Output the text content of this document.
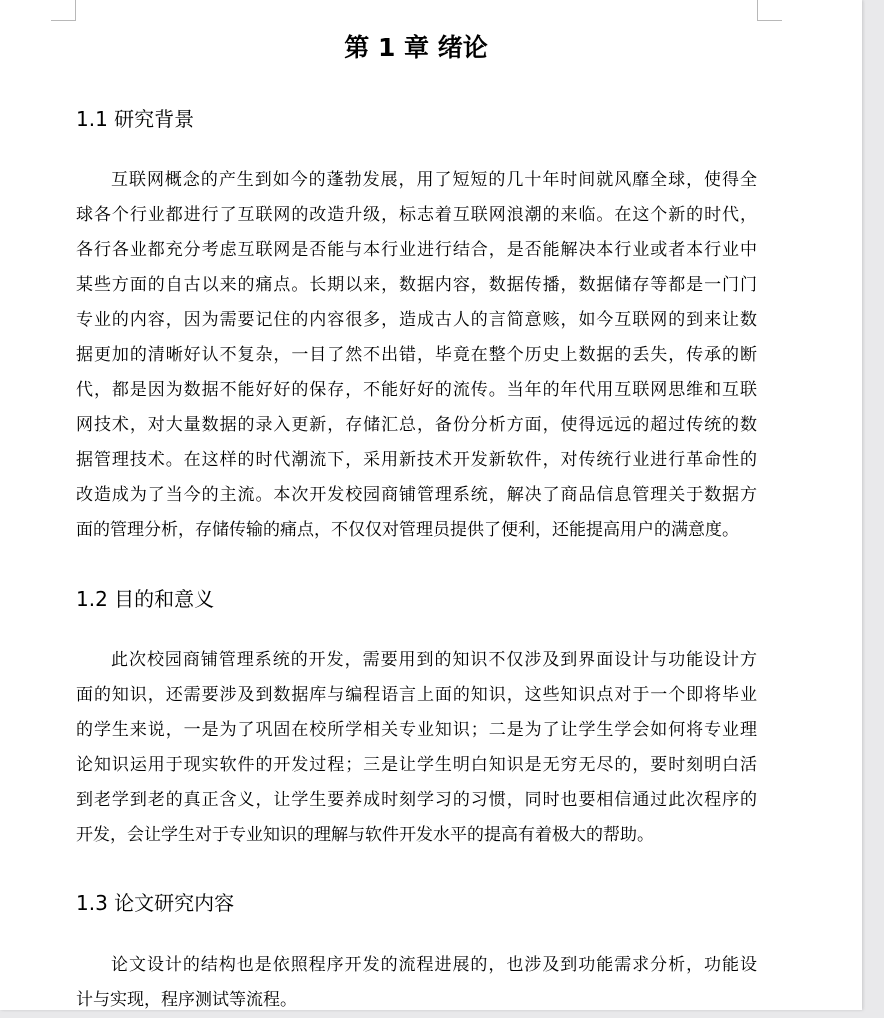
第 1 章 绪论
1.1 研究背景
互联网概念的产生到如今的蓬勃发展，用了短短的几十年时间就风靡全球，使得全
球各个行业都进行了互联网的改造升级，标志着互联网浪潮的来临。在这个新的时代，
各行各业都充分考虑互联网是否能与本行业进行结合，是否能解决本行业或者本行业中
某些方面的自古以来的痛点。长期以来，数据内容，数据传播，数据储存等都是一门门
专业的内容，因为需要记住的内容很多，造成古人的言简意赅，如今互联网的到来让数
据更加的清晰好认不复杂，一目了然不出错，毕竟在整个历史上数据的丢失，传承的断
代，都是因为数据不能好好的保存，不能好好的流传。当年的年代用互联网思维和互联
网技术，对大量数据的录入更新，存储汇总，备份分析方面，使得远远的超过传统的数
据管理技术。在这样的时代潮流下，采用新技术开发新软件，对传统行业进行革命性的
改造成为了当今的主流。本次开发校园商铺管理系统，解决了商品信息管理关于数据方
面的管理分析，存储传输的痛点，不仅仅对管理员提供了便利，还能提高用户的满意度。
1.2 目的和意义
此次校园商铺管理系统的开发，需要用到的知识不仅涉及到界面设计与功能设计方
面的知识，还需要涉及到数据库与编程语言上面的知识，这些知识点对于一个即将毕业
的学生来说，一是为了巩固在校所学相关专业知识；二是为了让学生学会如何将专业理
论知识运用于现实软件的开发过程；三是让学生明白知识是无穷无尽的，要时刻明白活
到老学到老的真正含义，让学生要养成时刻学习的习惯，同时也要相信通过此次程序的
开发，会让学生对于专业知识的理解与软件开发水平的提高有着极大的帮助。
1.3 论文研究内容
论文设计的结构也是依照程序开发的流程进展的，也涉及到功能需求分析，功能设
计与实现，程序测试等流程。
